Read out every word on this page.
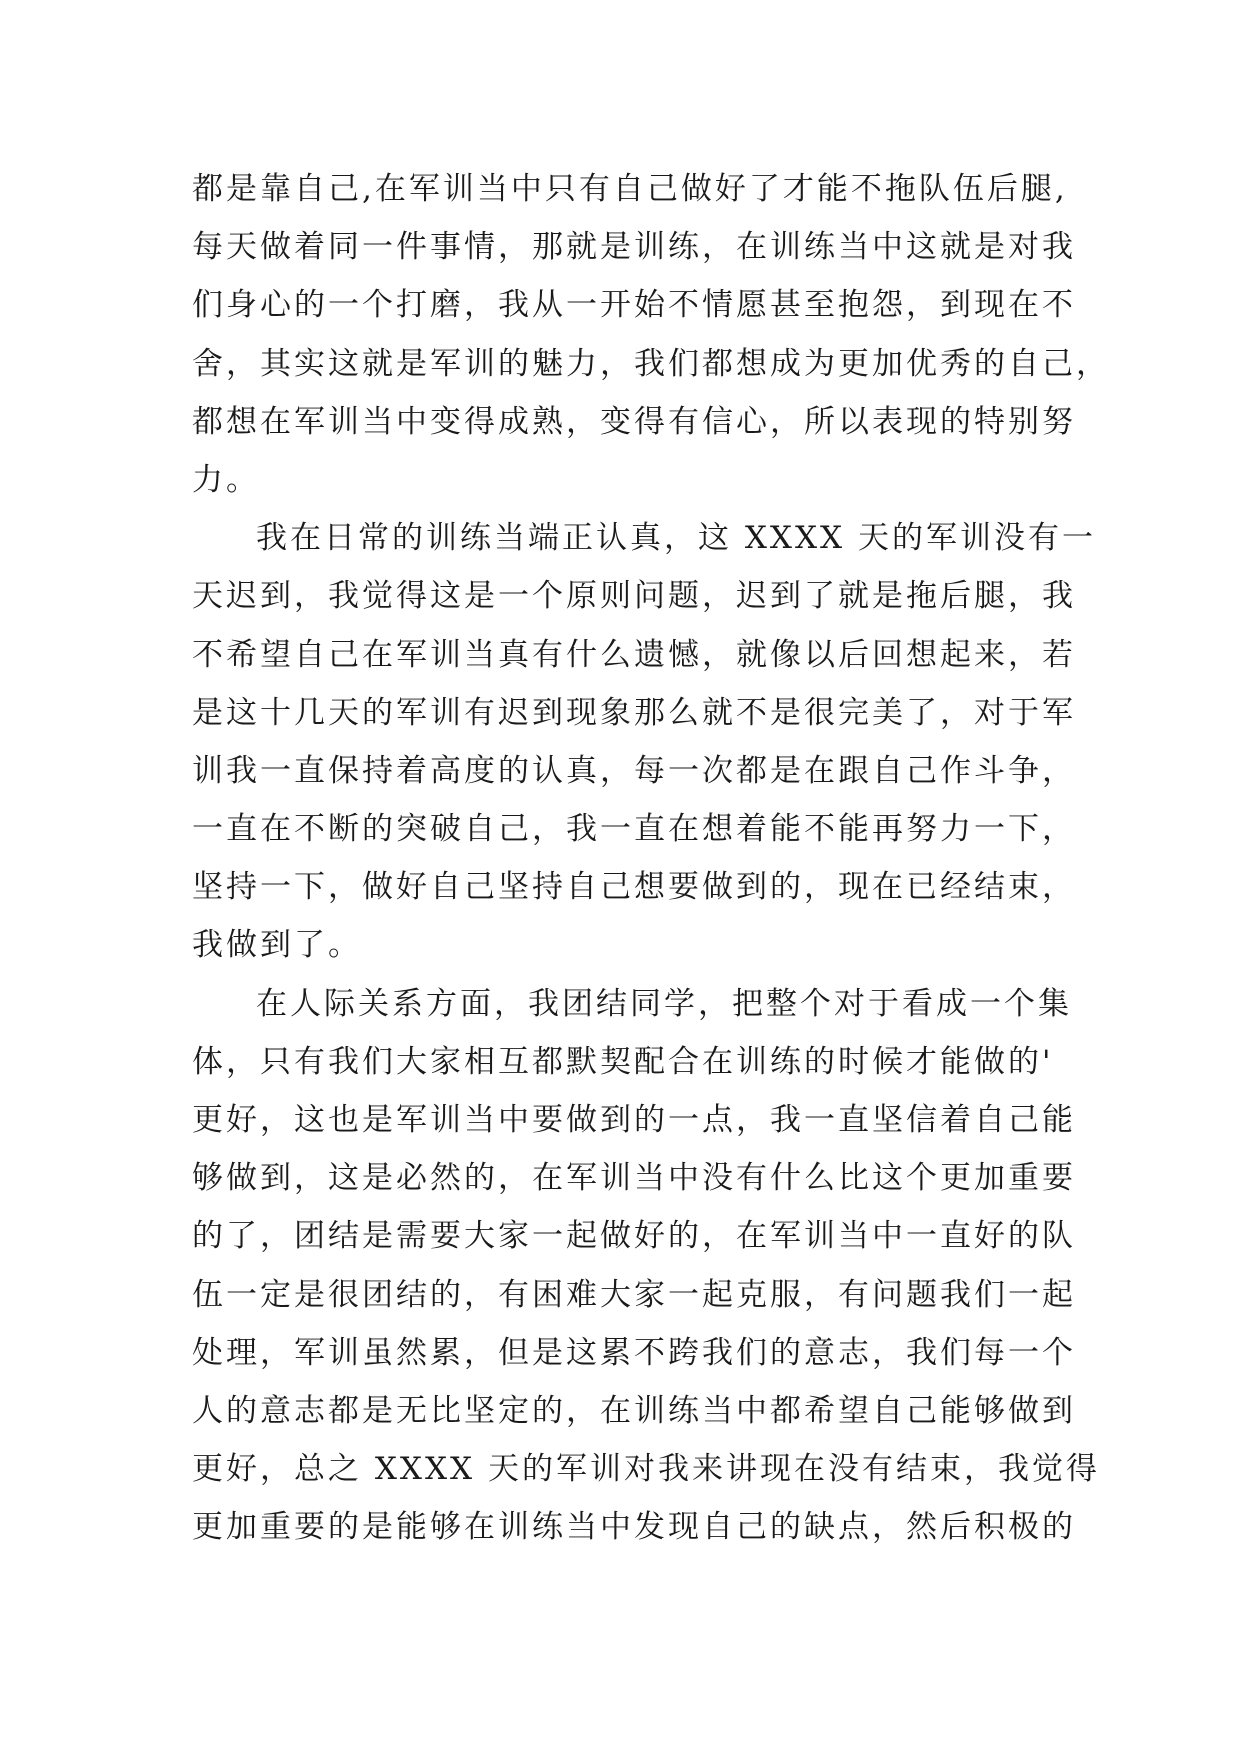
都是靠自己,在军训当中只有自己做好了才能不拖队伍后腿,
每天做着同一件事情，那就是训练，在训练当中这就是对我
们身心的一个打磨，我从一开始不情愿甚至抱怨，到现在不
舍，其实这就是军训的魅力，我们都想成为更加优秀的自己，
都想在军训当中变得成熟，变得有信心，所以表现的特别努
力。
我在日常的训练当端正认真，这 XXXX 天的军训没有一
天迟到，我觉得这是一个原则问题，迟到了就是拖后腿，我
不希望自己在军训当真有什么遗憾，就像以后回想起来，若
是这十几天的军训有迟到现象那么就不是很完美了，对于军
训我一直保持着高度的认真，每一次都是在跟自己作斗争，
一直在不断的突破自己，我一直在想着能不能再努力一下，
坚持一下，做好自己坚持自己想要做到的，现在已经结束，
我做到了。
在人际关系方面，我团结同学，把整个对于看成一个集
体，只有我们大家相互都默契配合在训练的时候才能做的'
更好，这也是军训当中要做到的一点，我一直坚信着自己能
够做到，这是必然的，在军训当中没有什么比这个更加重要
的了，团结是需要大家一起做好的，在军训当中一直好的队
伍一定是很团结的，有困难大家一起克服，有问题我们一起
处理，军训虽然累，但是这累不跨我们的意志，我们每一个
人的意志都是无比坚定的，在训练当中都希望自己能够做到
更好，总之 XXXX 天的军训对我来讲现在没有结束，我觉得
更加重要的是能够在训练当中发现自己的缺点，然后积极的
